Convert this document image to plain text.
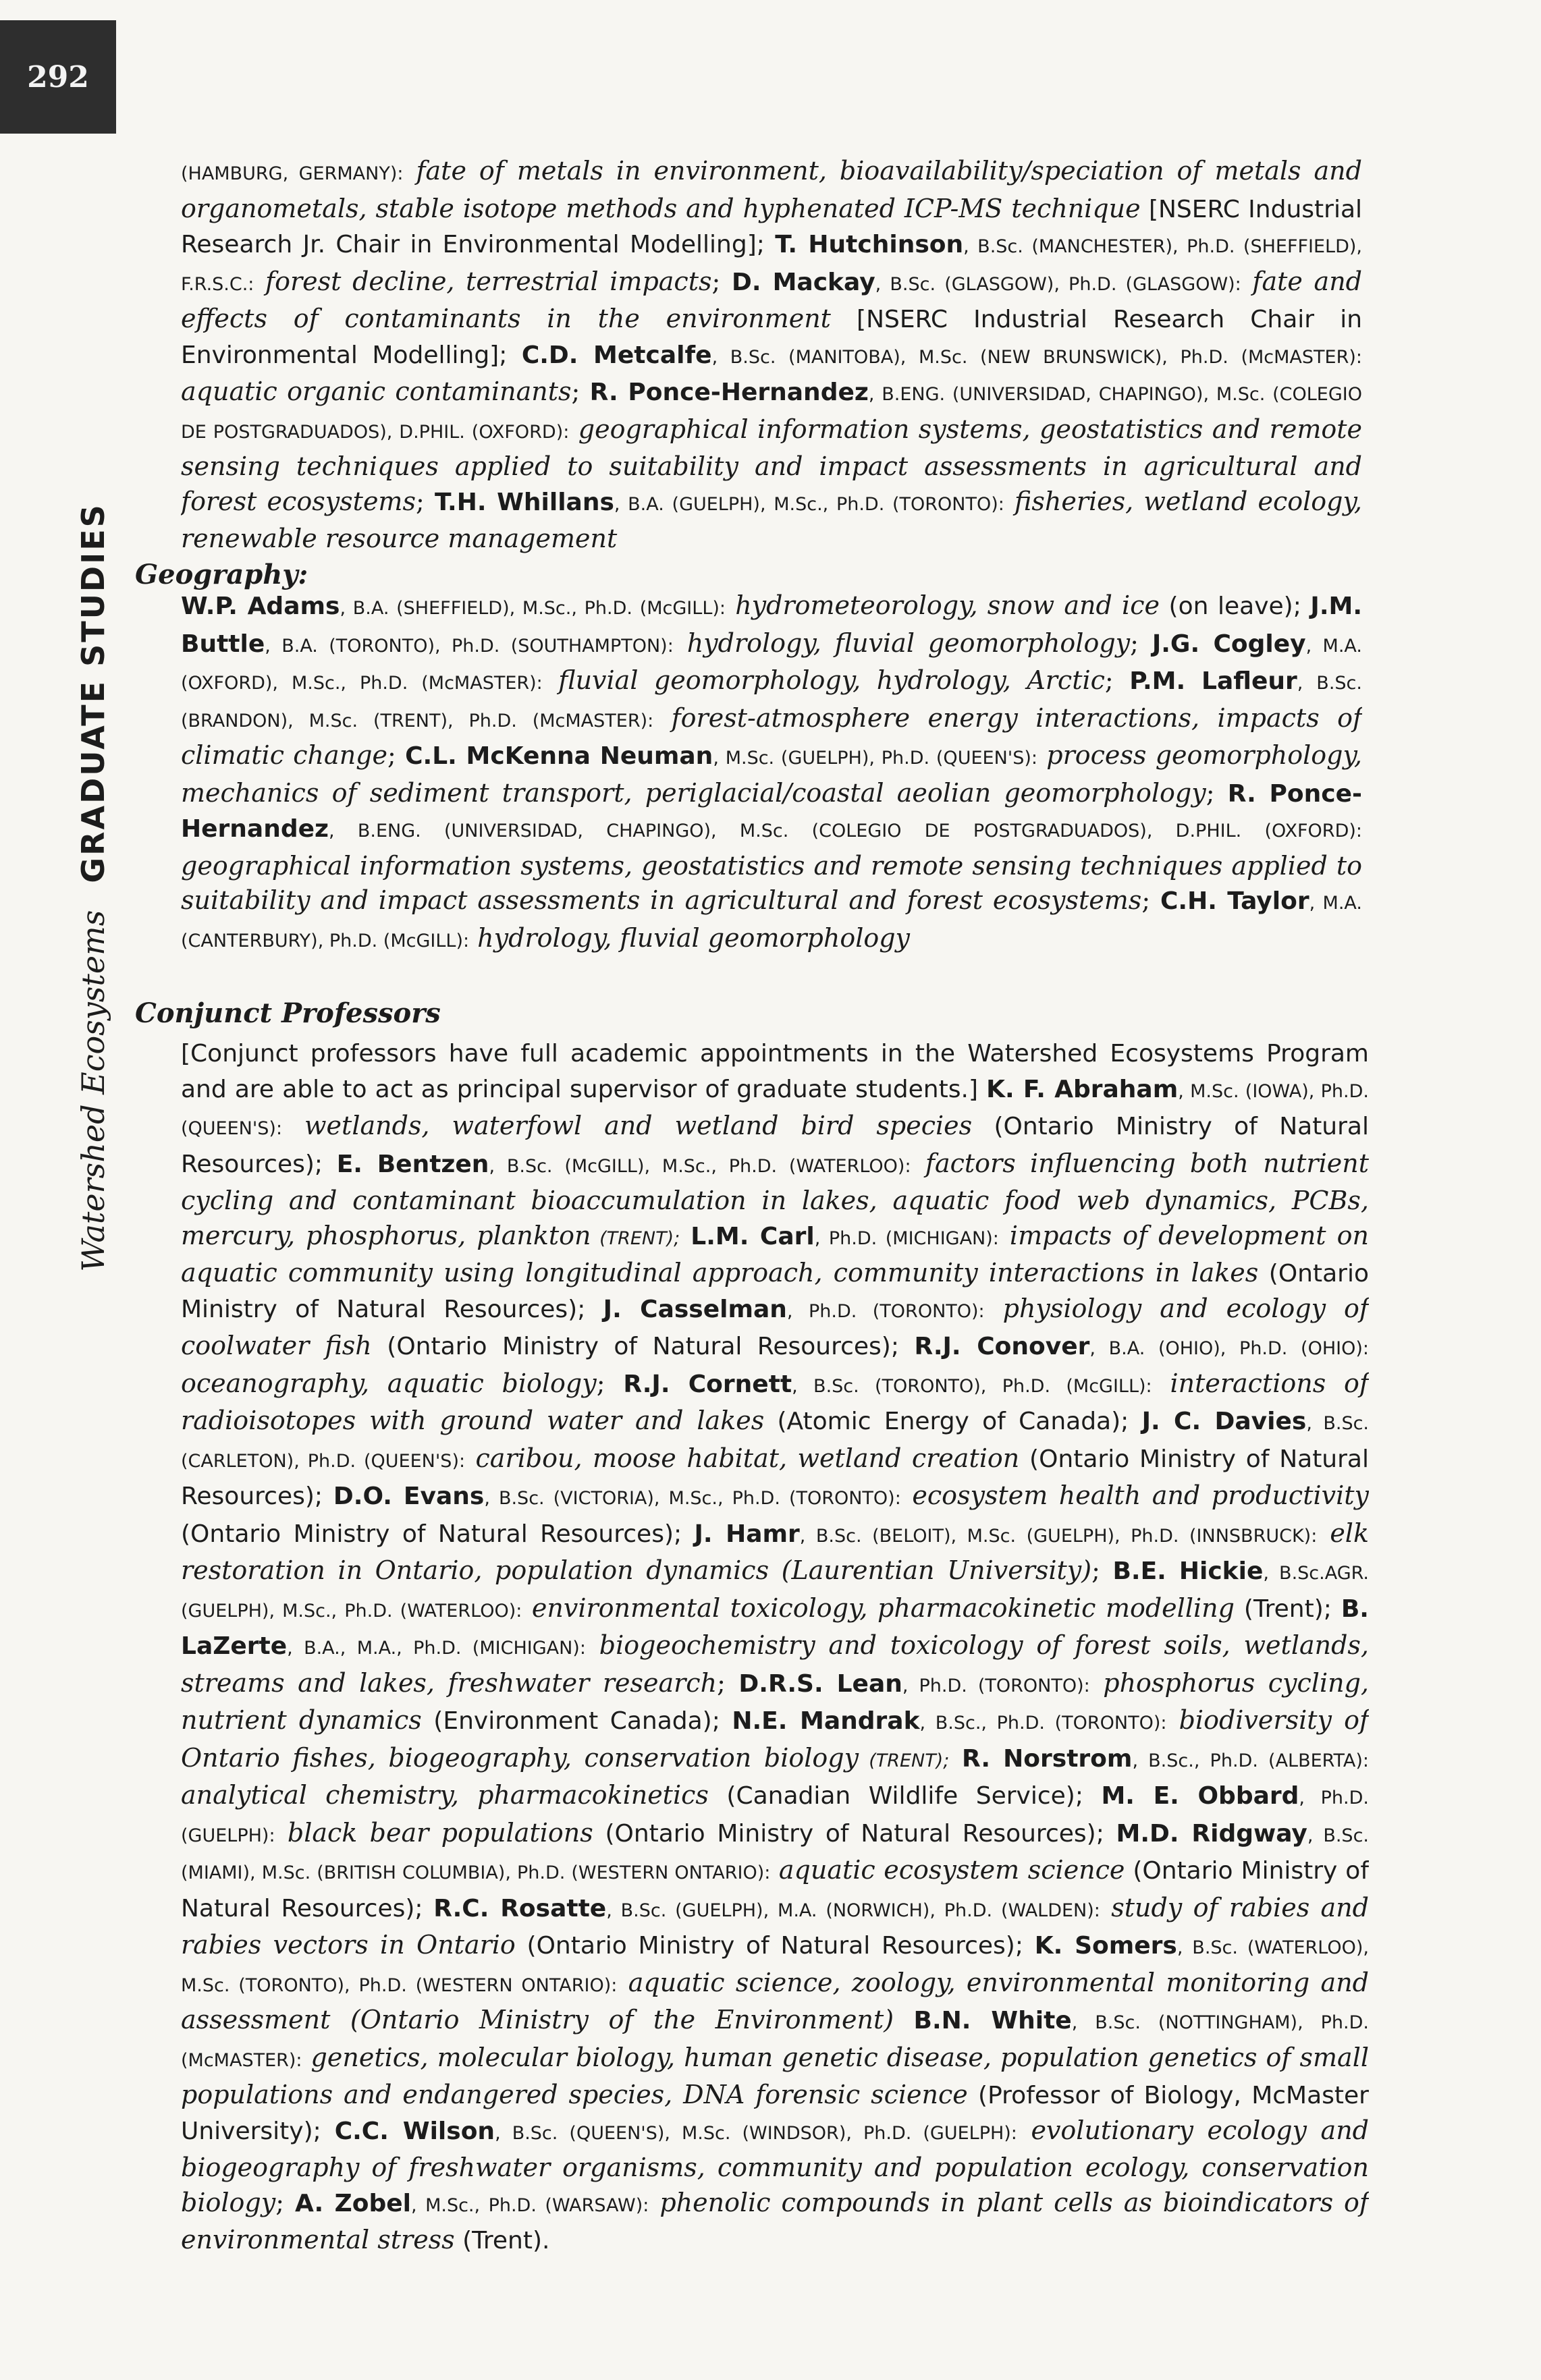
292
Watershed EcosystemsGRADUATE STUDIES

(HAMBURG, GERMANY): fate of metals in environment, bioavailability/speciation of metals and organometals, stable isotope methods and hyphenated ICP-MS technique [NSERC Industrial Research Jr. Chair in Environmental Modelling]; T. Hutchinson, B.Sc. (MANCHESTER), Ph.D. (SHEFFIELD), F.R.S.C.: forest decline, terrestrial impacts; D. Mackay, B.Sc. (GLASGOW), Ph.D. (GLASGOW): fate and effects of contaminants in the environment [NSERC Industrial Research Chair in Environmental Modelling]; C.D. Metcalfe, B.Sc. (MANITOBA), M.Sc. (NEW BRUNSWICK), Ph.D. (McMASTER): aquatic organic contaminants; R. Ponce-Hernandez, B.ENG. (UNIVERSIDAD, CHAPINGO), M.Sc. (COLEGIO DE POSTGRADUADOS), D.PHIL. (OXFORD): geographical information systems, geostatistics and remote sensing techniques applied to suitability and impact assessments in agricultural and forest ecosystems; T.H. Whillans, B.A. (GUELPH), M.Sc., Ph.D. (TORONTO): fisheries, wetland ecology, renewable resource management

Geography:

W.P. Adams, B.A. (SHEFFIELD), M.Sc., Ph.D. (McGILL): hydrometeorology, snow and ice (on leave); J.M. Buttle, B.A. (TORONTO), Ph.D. (SOUTHAMPTON): hydrology, fluvial geomorphology; J.G. Cogley, M.A. (OXFORD), M.Sc., Ph.D. (McMASTER): fluvial geomorphology, hydrology, Arctic; P.M. Lafleur, B.Sc. (BRANDON), M.Sc. (TRENT), Ph.D. (McMASTER): forest-atmosphere energy interactions, impacts of climatic change; C.L. McKenna Neuman, M.Sc. (GUELPH), Ph.D. (QUEEN'S): process geomorphology, mechanics of sediment transport, periglacial/coastal aeolian geomorphology; R. Ponce-Hernandez, B.ENG. (UNIVERSIDAD, CHAPINGO), M.Sc. (COLEGIO DE POSTGRADUADOS), D.PHIL. (OXFORD): geographical information systems, geostatistics and remote sensing techniques applied to suitability and impact assessments in agricultural and forest ecosystems; C.H. Taylor, M.A. (CANTERBURY), Ph.D. (McGILL): hydrology, fluvial geomorphology

Conjunct Professors

[Conjunct professors have full academic appointments in the Watershed Ecosystems Program and are able to act as principal supervisor of graduate students.] K. F. Abraham, M.Sc. (IOWA), Ph.D. (QUEEN'S): wetlands, waterfowl and wetland bird species (Ontario Ministry of Natural Resources); E. Bentzen, B.Sc. (McGILL), M.Sc., Ph.D. (WATERLOO): factors influencing both nutrient cycling and contaminant bioaccumulation in lakes, aquatic food web dynamics, PCBs, mercury, phosphorus, plankton (TRENT); L.M. Carl, Ph.D. (MICHIGAN): impacts of development on aquatic community using longitudinal approach, community interactions in lakes (Ontario Ministry of Natural Resources); J. Casselman, Ph.D. (TORONTO): physiology and ecology of coolwater fish (Ontario Ministry of Natural Resources); R.J. Conover, B.A. (OHIO), Ph.D. (OHIO): oceanography, aquatic biology; R.J. Cornett, B.Sc. (TORONTO), Ph.D. (McGILL): interactions of radioisotopes with ground water and lakes (Atomic Energy of Canada); J. C. Davies, B.Sc. (CARLETON), Ph.D. (QUEEN'S): caribou, moose habitat, wetland creation (Ontario Ministry of Natural Resources); D.O. Evans, B.Sc. (VICTORIA), M.Sc., Ph.D. (TORONTO): ecosystem health and productivity (Ontario Ministry of Natural Resources); J. Hamr, B.Sc. (BELOIT), M.Sc. (GUELPH), Ph.D. (INNSBRUCK): elk restoration in Ontario, population dynamics (Laurentian University); B.E. Hickie, B.Sc.AGR. (GUELPH), M.Sc., Ph.D. (WATERLOO): environmental toxicology, pharmacokinetic modelling (Trent); B. LaZerte, B.A., M.A., Ph.D. (MICHIGAN): biogeochemistry and toxicology of forest soils, wetlands, streams and lakes, freshwater research; D.R.S. Lean, Ph.D. (TORONTO): phosphorus cycling, nutrient dynamics (Environment Canada); N.E. Mandrak, B.Sc., Ph.D. (TORONTO): biodiversity of Ontario fishes, biogeography, conservation biology (TRENT); R. Norstrom, B.Sc., Ph.D. (ALBERTA): analytical chemistry, pharmacokinetics (Canadian Wildlife Service); M. E. Obbard, Ph.D. (GUELPH): black bear populations (Ontario Ministry of Natural Resources); M.D. Ridgway, B.Sc. (MIAMI), M.Sc. (BRITISH COLUMBIA), Ph.D. (WESTERN ONTARIO): aquatic ecosystem science (Ontario Ministry of Natural Resources); R.C. Rosatte, B.Sc. (GUELPH), M.A. (NORWICH), Ph.D. (WALDEN): study of rabies and rabies vectors in Ontario (Ontario Ministry of Natural Resources); K. Somers, B.Sc. (WATERLOO), M.Sc. (TORONTO), Ph.D. (WESTERN ONTARIO): aquatic science, zoology, environmental monitoring and assessment (Ontario Ministry of the Environment) B.N. White, B.Sc. (NOTTINGHAM), Ph.D. (McMASTER): genetics, molecular biology, human genetic disease, population genetics of small populations and endangered species, DNA forensic science (Professor of Biology, McMaster University); C.C. Wilson, B.Sc. (QUEEN'S), M.Sc. (WINDSOR), Ph.D. (GUELPH): evolutionary ecology and biogeography of freshwater organisms, community and population ecology, conservation biology; A. Zobel, M.Sc., Ph.D. (WARSAW): phenolic compounds in plant cells as bioindicators of environmental stress (Trent).
